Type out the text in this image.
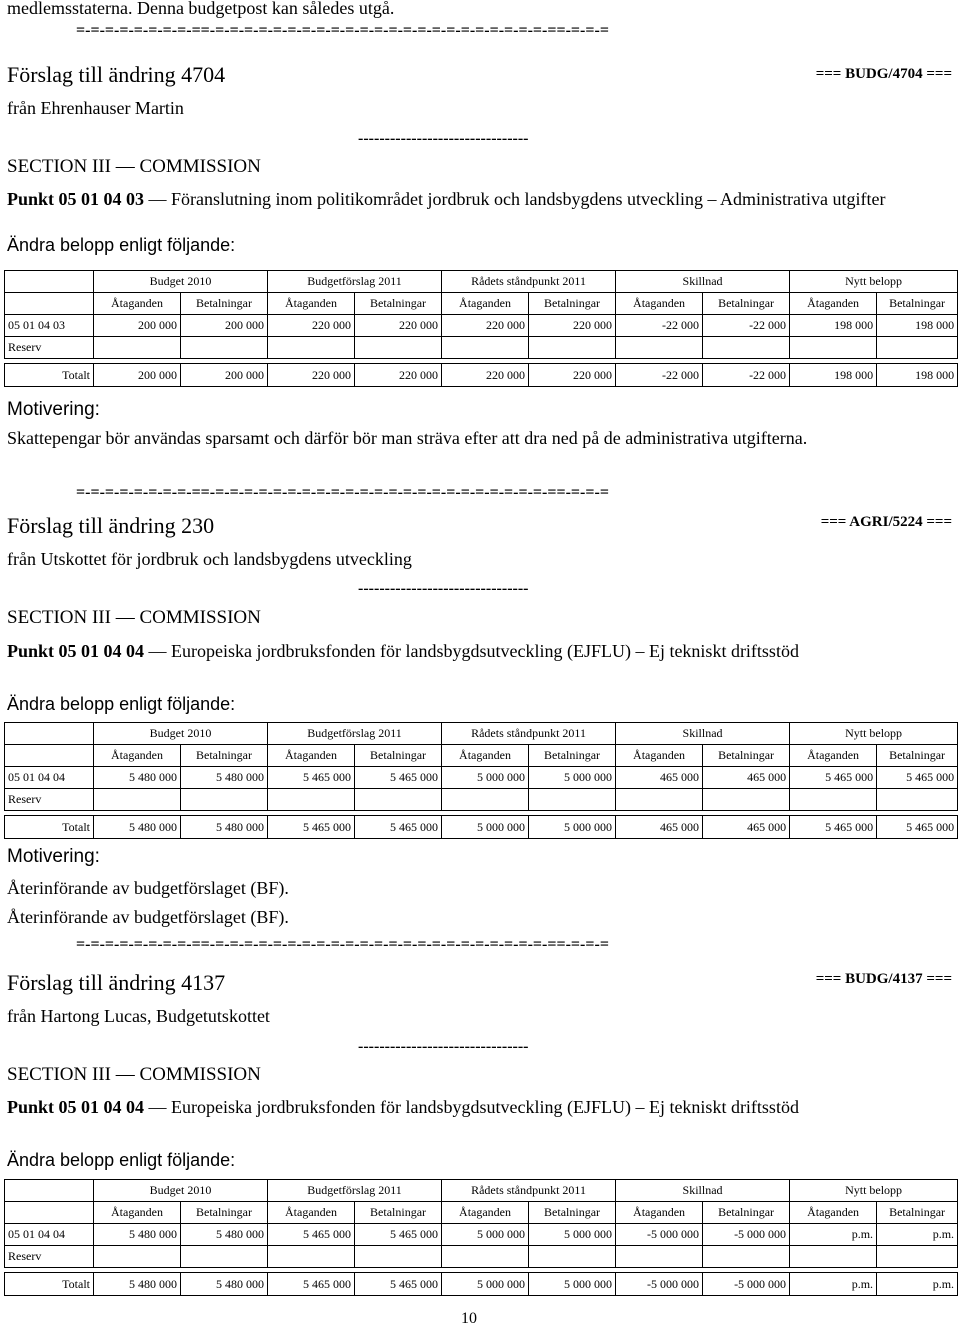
medlemsstaterna. Denna budgetpost kan således utgå.
=-=-=-=-=-=-=-=-==-=-=-=-=-=-=-=-=-=-=-=-=-=-=-=-=-=-=-=-=-=-=-=-==-=-=-=
Förslag till ändring 4704	=== BUDG/4704 ===
från Ehrenhauser Martin
--------------------------------
SECTION III — COMMISSION
Punkt 05 01 04 03 — Föranslutning inom politikområdet jordbruk och landsbygdens utveckling – Administrativa utgifter
Ändra belopp enligt följande:
	Budget 2010		Budgetförslag 2011		Rådets ståndpunkt 2011		Skillnad		Nytt belopp	
	Åtaganden	Betalningar	Åtaganden	Betalningar	Åtaganden	Betalningar	Åtaganden	Betalningar	Åtaganden	Betalningar
05 01 04 03	200 000	200 000	220 000	220 000	220 000	220 000	-22 000	-22 000	198 000	198 000
Reserv										

Totalt	200 000	200 000	220 000	220 000	220 000	220 000	-22 000	-22 000	198 000	198 000
Motivering:
Skattepengar bör användas sparsamt och därför bör man sträva efter att dra ned på de administrativa utgifterna.
=-=-=-=-=-=-=-=-==-=-=-=-=-=-=-=-=-=-=-=-=-=-=-=-=-=-=-=-=-=-=-=-==-=-=-=
Förslag till ändring 230	=== AGRI/5224 ===
från Utskottet för jordbruk och landsbygdens utveckling
--------------------------------
SECTION III — COMMISSION
Punkt 05 01 04 04 — Europeiska jordbruksfonden för landsbygdsutveckling (EJFLU) – Ej tekniskt driftsstöd
Ändra belopp enligt följande:
	Budget 2010		Budgetförslag 2011		Rådets ståndpunkt 2011		Skillnad		Nytt belopp	
	Åtaganden	Betalningar	Åtaganden	Betalningar	Åtaganden	Betalningar	Åtaganden	Betalningar	Åtaganden	Betalningar
05 01 04 04	5 480 000	5 480 000	5 465 000	5 465 000	5 000 000	5 000 000	465 000	465 000	5 465 000	5 465 000
Reserv										

Totalt	5 480 000	5 480 000	5 465 000	5 465 000	5 000 000	5 000 000	465 000	465 000	5 465 000	5 465 000
Motivering:
Återinförande av budgetförslaget (BF).
Återinförande av budgetförslaget (BF).
=-=-=-=-=-=-=-=-==-=-=-=-=-=-=-=-=-=-=-=-=-=-=-=-=-=-=-=-=-=-=-=-==-=-=-=
Förslag till ändring 4137	=== BUDG/4137 ===
från Hartong Lucas, Budgetutskottet
--------------------------------
SECTION III — COMMISSION
Punkt 05 01 04 04 — Europeiska jordbruksfonden för landsbygdsutveckling (EJFLU) – Ej tekniskt driftsstöd
Ändra belopp enligt följande:
	Budget 2010		Budgetförslag 2011		Rådets ståndpunkt 2011		Skillnad		Nytt belopp	
	Åtaganden	Betalningar	Åtaganden	Betalningar	Åtaganden	Betalningar	Åtaganden	Betalningar	Åtaganden	Betalningar
05 01 04 04	5 480 000	5 480 000	5 465 000	5 465 000	5 000 000	5 000 000	-5 000 000	-5 000 000	p.m.	p.m.
Reserv										

Totalt	5 480 000	5 480 000	5 465 000	5 465 000	5 000 000	5 000 000	-5 000 000	-5 000 000	p.m.	p.m.
10
